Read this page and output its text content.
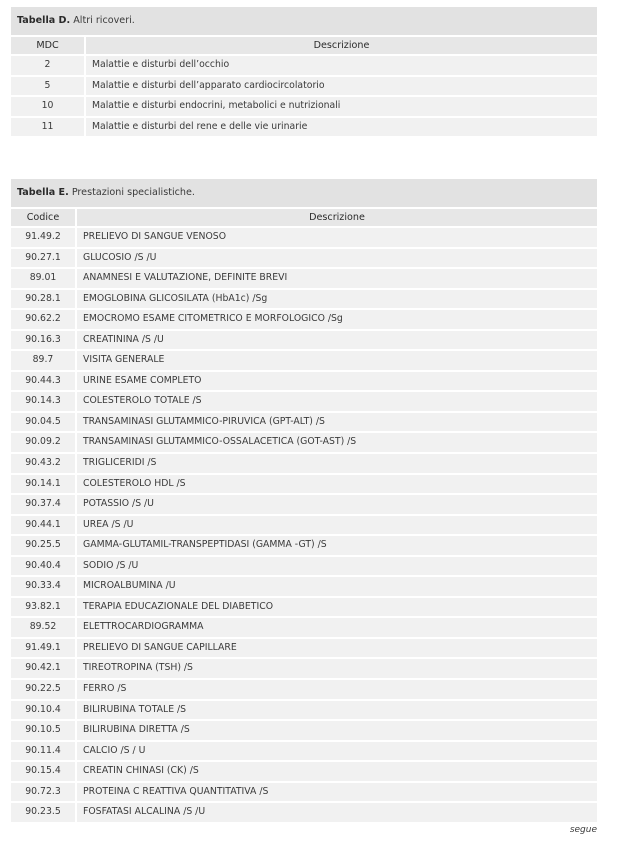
Tabella D. Altri ricoveri.
MDC	Descrizione
2	Malattie e disturbi dell’occhio
5	Malattie e disturbi dell’apparato cardiocircolatorio
10	Malattie e disturbi endocrini, metabolici e nutrizionali
11	Malattie e disturbi del rene e delle vie urinarie
Tabella E. Prestazioni specialistiche.
Codice	Descrizione
91.49.2	PRELIEVO DI SANGUE VENOSO
90.27.1	GLUCOSIO /S /U
89.01	ANAMNESI E VALUTAZIONE, DEFINITE BREVI
90.28.1	EMOGLOBINA GLICOSILATA (HbA1c) /Sg
90.62.2	EMOCROMO ESAME CITOMETRICO E MORFOLOGICO /Sg
90.16.3	CREATININA /S /U
89.7	VISITA GENERALE
90.44.3	URINE ESAME COMPLETO
90.14.3	COLESTEROLO TOTALE /S
90.04.5	TRANSAMINASI GLUTAMMICO-PIRUVICA (GPT-ALT) /S
90.09.2	TRANSAMINASI GLUTAMMICO-OSSALACETICA (GOT-AST) /S
90.43.2	TRIGLICERIDI /S
90.14.1	COLESTEROLO HDL /S
90.37.4	POTASSIO /S /U
90.44.1	UREA /S /U
90.25.5	GAMMA-GLUTAMIL-TRANSPEPTIDASI (GAMMA -GT) /S
90.40.4	SODIO /S /U
90.33.4	MICROALBUMINA /U
93.82.1	TERAPIA EDUCAZIONALE DEL DIABETICO
89.52	ELETTROCARDIOGRAMMA
91.49.1	PRELIEVO DI SANGUE CAPILLARE
90.42.1	TIREOTROPINA (TSH) /S
90.22.5	FERRO /S
90.10.4	BILIRUBINA TOTALE /S
90.10.5	BILIRUBINA DIRETTA /S
90.11.4	CALCIO /S / U
90.15.4	CREATIN CHINASI (CK) /S
90.72.3	PROTEINA C REATTIVA QUANTITATIVA /S
90.23.5	FOSFATASI ALCALINA /S /U
segue
